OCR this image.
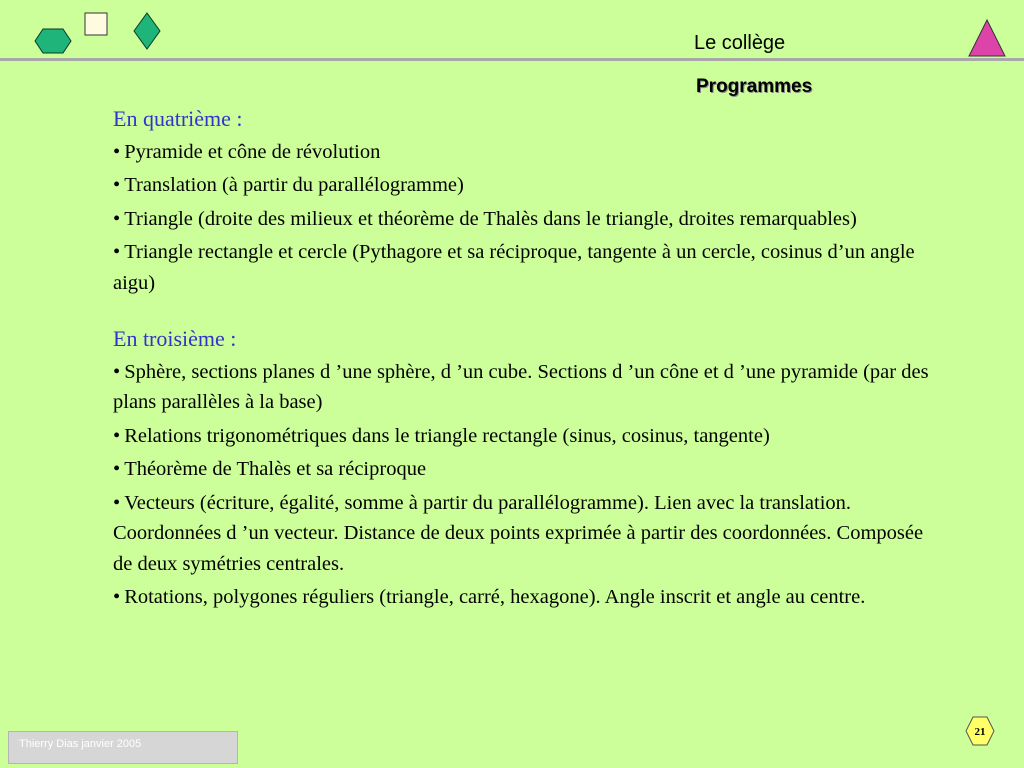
Le collège
Programmes
En quatrième :
• Pyramide et cône de révolution
• Translation (à partir du parallélogramme)
• Triangle (droite des milieux et théorème de Thalès dans le triangle, droites remarquables)
• Triangle rectangle et cercle (Pythagore et sa réciproque, tangente à un cercle, cosinus d’un angle aigu)
En troisième :
• Sphère, sections planes d ’une sphère, d ’un cube. Sections d ’un cône et d ’une pyramide (par des plans parallèles à la base)
• Relations trigonométriques dans le triangle rectangle (sinus, cosinus, tangente)
• Théorème de Thalès et sa réciproque
• Vecteurs (écriture, égalité, somme à partir du parallélogramme). Lien avec la translation. Coordonnées d ’un vecteur. Distance de deux points exprimée à partir des coordonnées. Composée de deux symétries centrales.
• Rotations, polygones réguliers (triangle, carré, hexagone). Angle inscrit et angle au centre.
Thierry Dias janvier 2005
21
